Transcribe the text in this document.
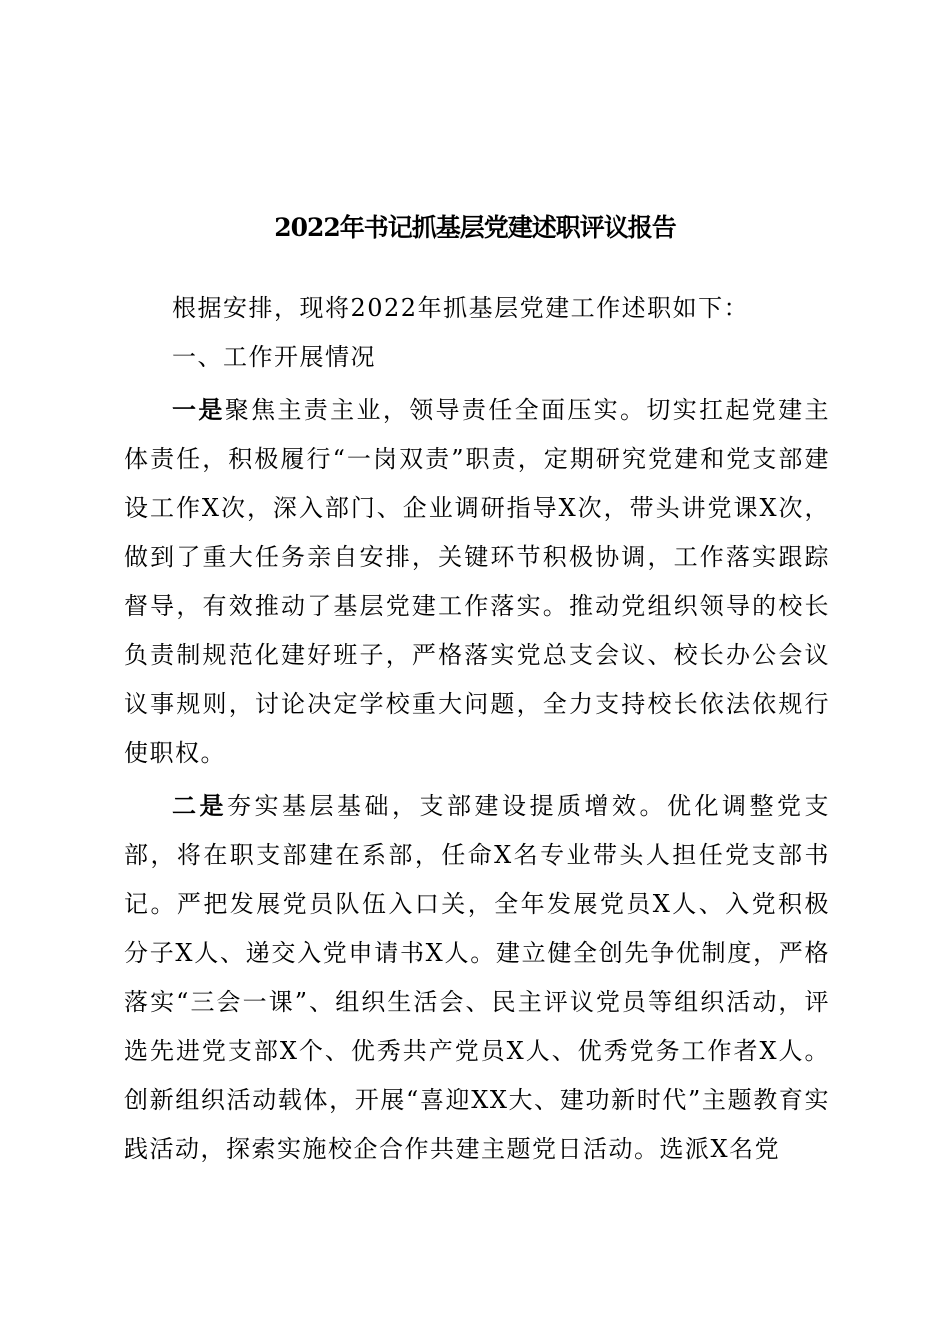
2022年书记抓基层党建述职评议报告

根据安排，现将2022年抓基层党建工作述职如下：

一、工作开展情况

一是聚焦主责主业，领导责任全面压实。切实扛起党建主体责任，积极履行“一岗双责”职责，定期研究党建和党支部建设工作X次，深入部门、企业调研指导X次，带头讲党课X次，做到了重大任务亲自安排，关键环节积极协调，工作落实跟踪督导，有效推动了基层党建工作落实。推动党组织领导的校长负责制规范化建好班子，严格落实党总支会议、校长办公会议议事规则，讨论决定学校重大问题，全力支持校长依法依规行使职权。

二是夯实基层基础，支部建设提质增效。优化调整党支部，将在职支部建在系部，任命X名专业带头人担任党支部书记。严把发展党员队伍入口关，全年发展党员X人、入党积极分子X人、递交入党申请书X人。建立健全创先争优制度，严格落实“三会一课”、组织生活会、民主评议党员等组织活动，评选先进党支部X个、优秀共产党员X人、优秀党务工作者X人。创新组织活动载体，开展“喜迎XX大、建功新时代”主题教育实践活动，探索实施校企合作共建主题党日活动。选派X名党
